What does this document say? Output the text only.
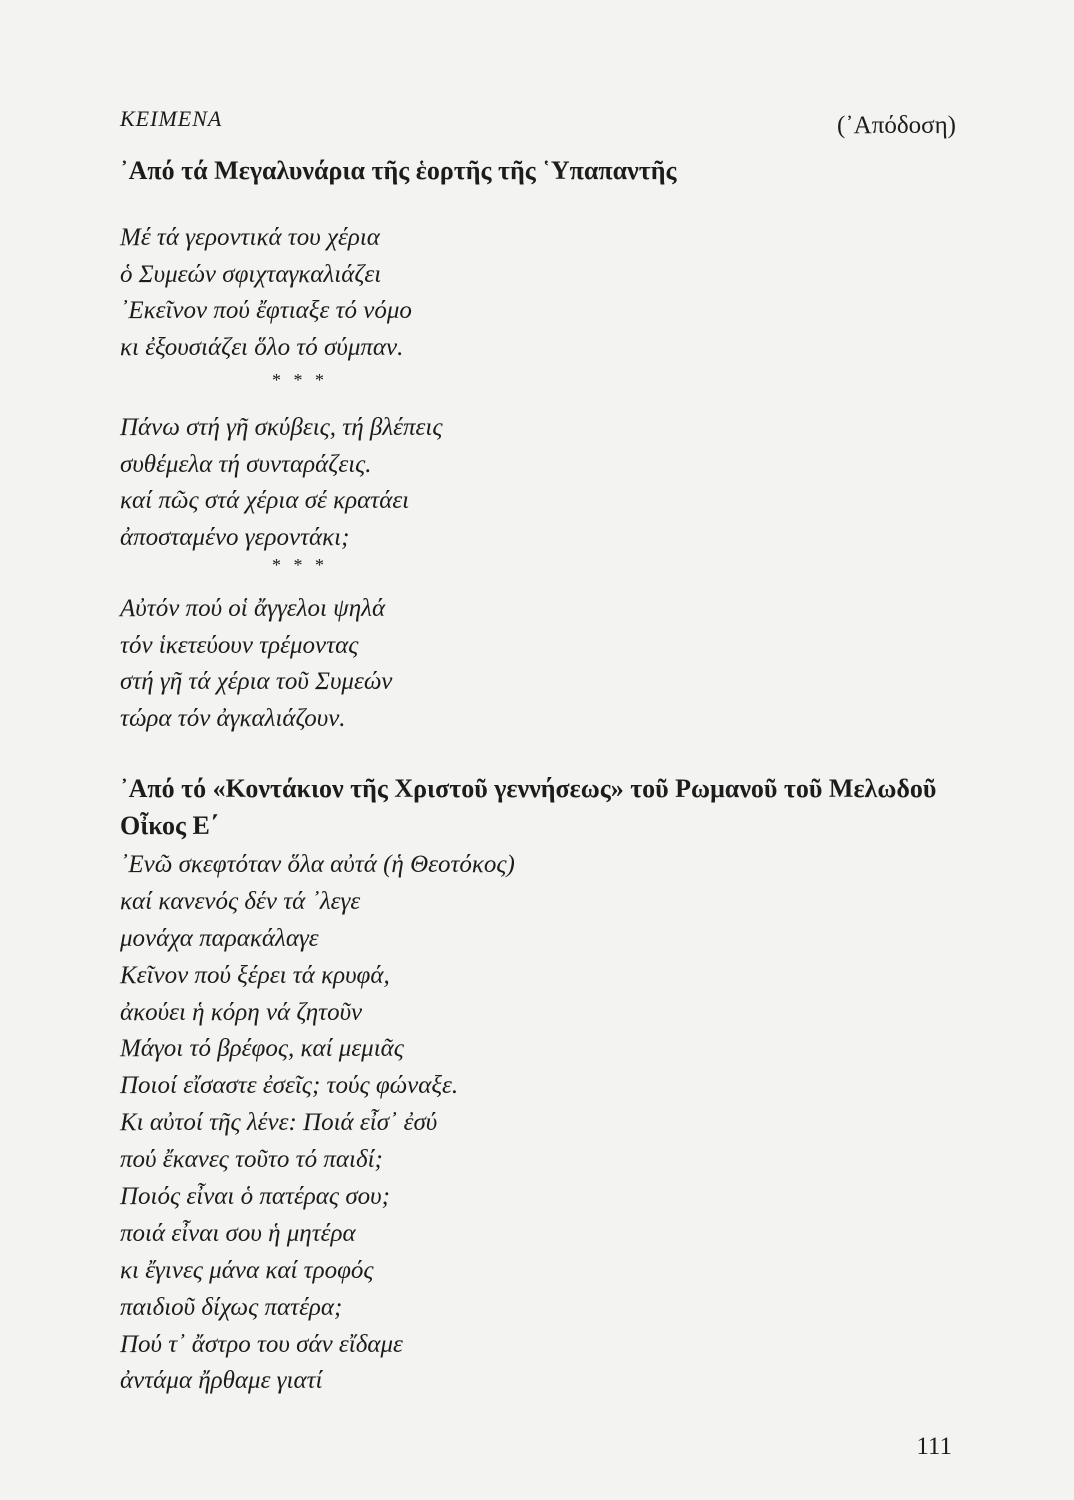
ΚΕΙΜΕΝΑ	(᾿Απόδοση)
᾿Από τά Μεγαλυνάρια τῆς ἑορτῆς τῆς ῾Υπαπαντῆς
Μέ τά γεροντικά του χέρια
ὁ Συμεών σφιχταγκαλιάζει
᾿Εκεῖνον πού ἔφτιαξε τό νόμο
κι ἐξουσιάζει ὅλο τό σύμπαν.
* * *
Πάνω στή γῆ σκύβεις, τή βλέπεις
συθέμελα τή συνταράζεις.
καί πῶς στά χέρια σέ κρατάει
ἀποσταμένο γεροντάκι;
* * *
Αὐτόν πού οἱ ἄγγελοι ψηλά
τόν ἱκετεύουν τρέμοντας
στή γῆ τά χέρια τοῦ Συμεών
τώρα τόν ἀγκαλιάζουν.
᾿Από τό «Κοντάκιον τῆς Χριστοῦ γεννήσεως» τοῦ Ρωμανοῦ τοῦ Μελωδοῦ Οἶκος Ε΄
᾿Ενῶ σκεφτόταν ὅλα αὐτά (ἡ Θεοτόκος)
καί κανενός δέν τά ᾿λεγε
μονάχα παρακάλαγε
Κεῖνον πού ξέρει τά κρυφά,
ἀκούει ἡ κόρη νά ζητοῦν
Μάγοι τό βρέφος, καί μεμιᾶς
Ποιοί εἴσαστε ἐσεῖς; τούς φώναξε.
Κι αὐτοί τῆς λένε: Ποιά εἶσ᾿ ἐσύ
πού ἔκανες τοῦτο τό παιδί;
Ποιός εἶναι ὁ πατέρας σου;
ποιά εἶναι σου ἡ μητέρα
κι ἔγινες μάνα καί τροφός
παιδιοῦ δίχως πατέρα;
Πού τ᾿ ἄστρο του σάν εἴδαμε
ἀντάμα ἤρθαμε γιατί
111
